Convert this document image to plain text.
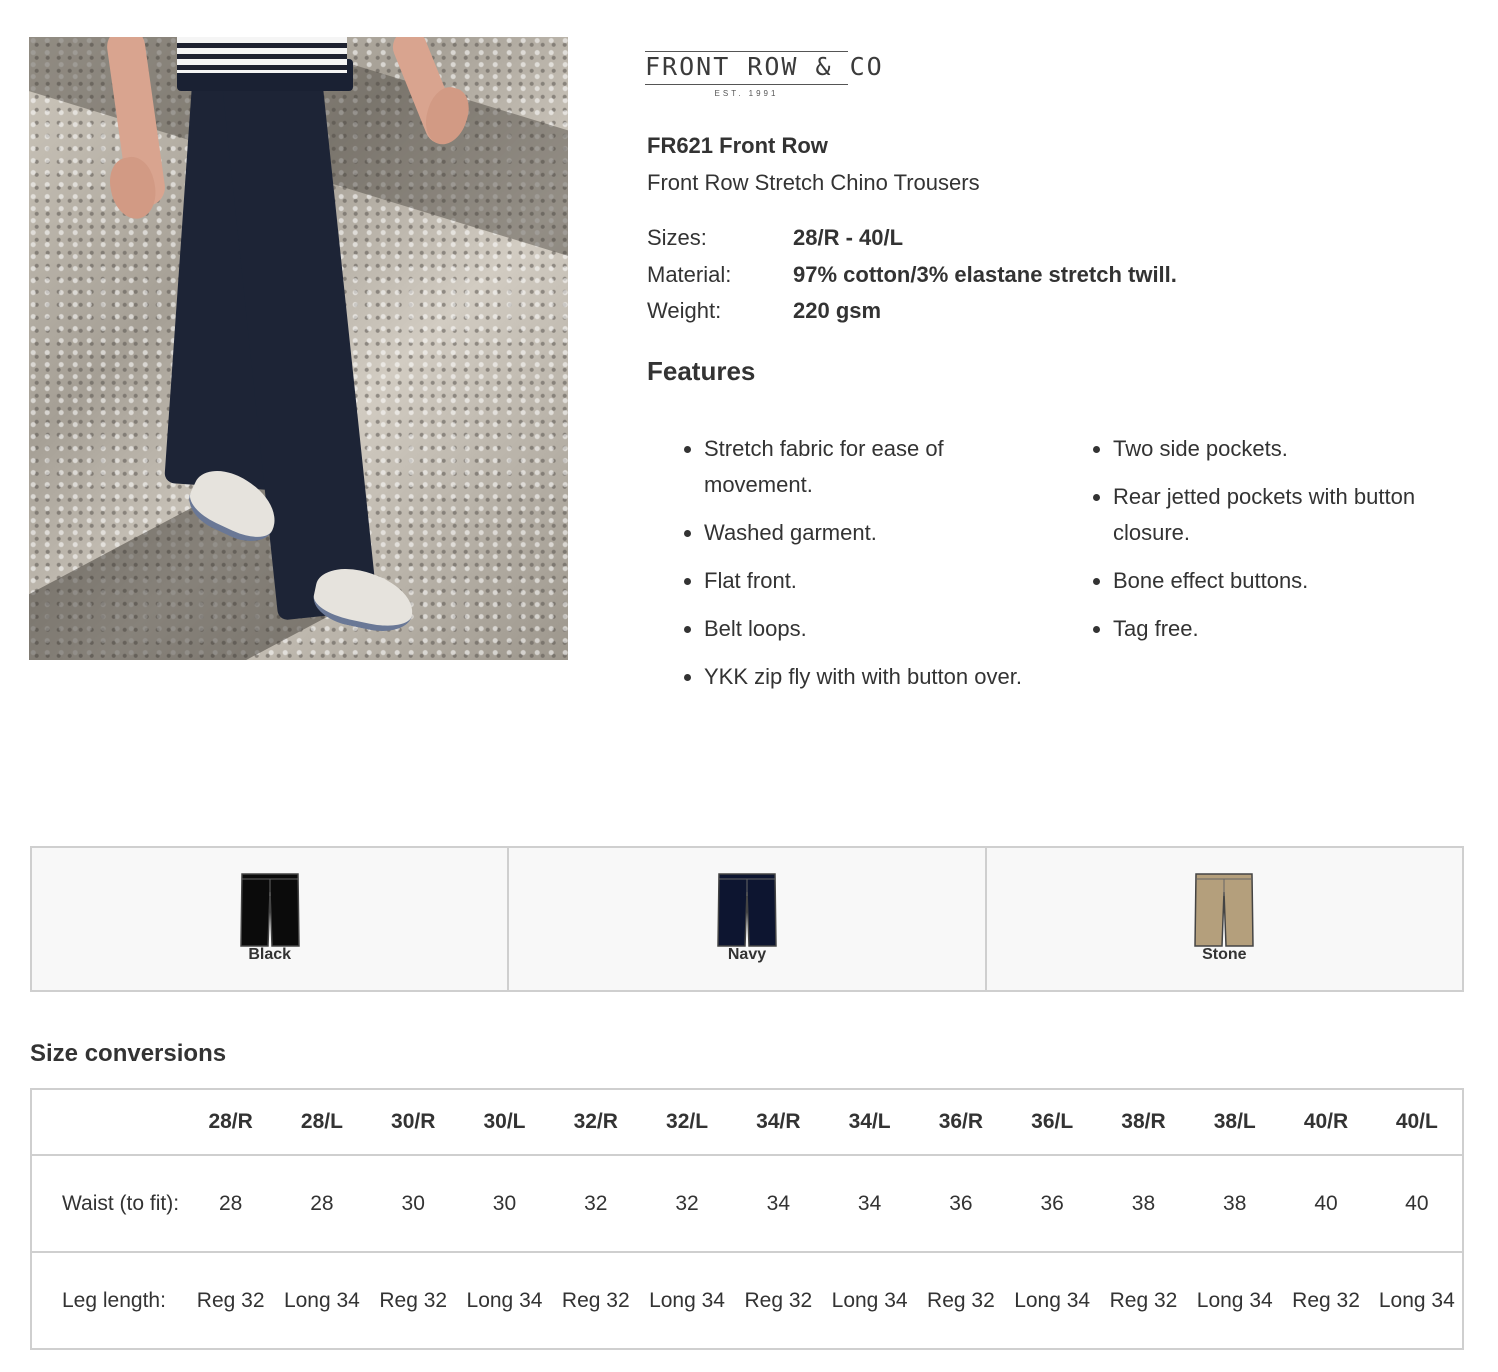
FRONT ROW & CO
EST. 1991
FR621 Front Row
Front Row Stretch Chino Trousers
Sizes:	28/R - 40/L
Material:	97% cotton/3% elastane stretch twill.
Weight:	220 gsm
Features
Stretch fabric for ease of movement.
Washed garment.
Flat front.
Belt loops.
YKK zip fly with with button over.
Two side pockets.
Rear jetted pockets with button closure.
Bone effect buttons.
Tag free.
Black	Navy	Stone
Size conversions
	28/R	28/L	30/R	30/L	32/R	32/L	34/R	34/L	36/R	36/L	38/R	38/L	40/R	40/L
Waist (to fit):	28	28	30	30	32	32	34	34	36	36	38	38	40	40
Leg length:	Reg 32	Long 34	Reg 32	Long 34	Reg 32	Long 34	Reg 32	Long 34	Reg 32	Long 34	Reg 32	Long 34	Reg 32	Long 34
